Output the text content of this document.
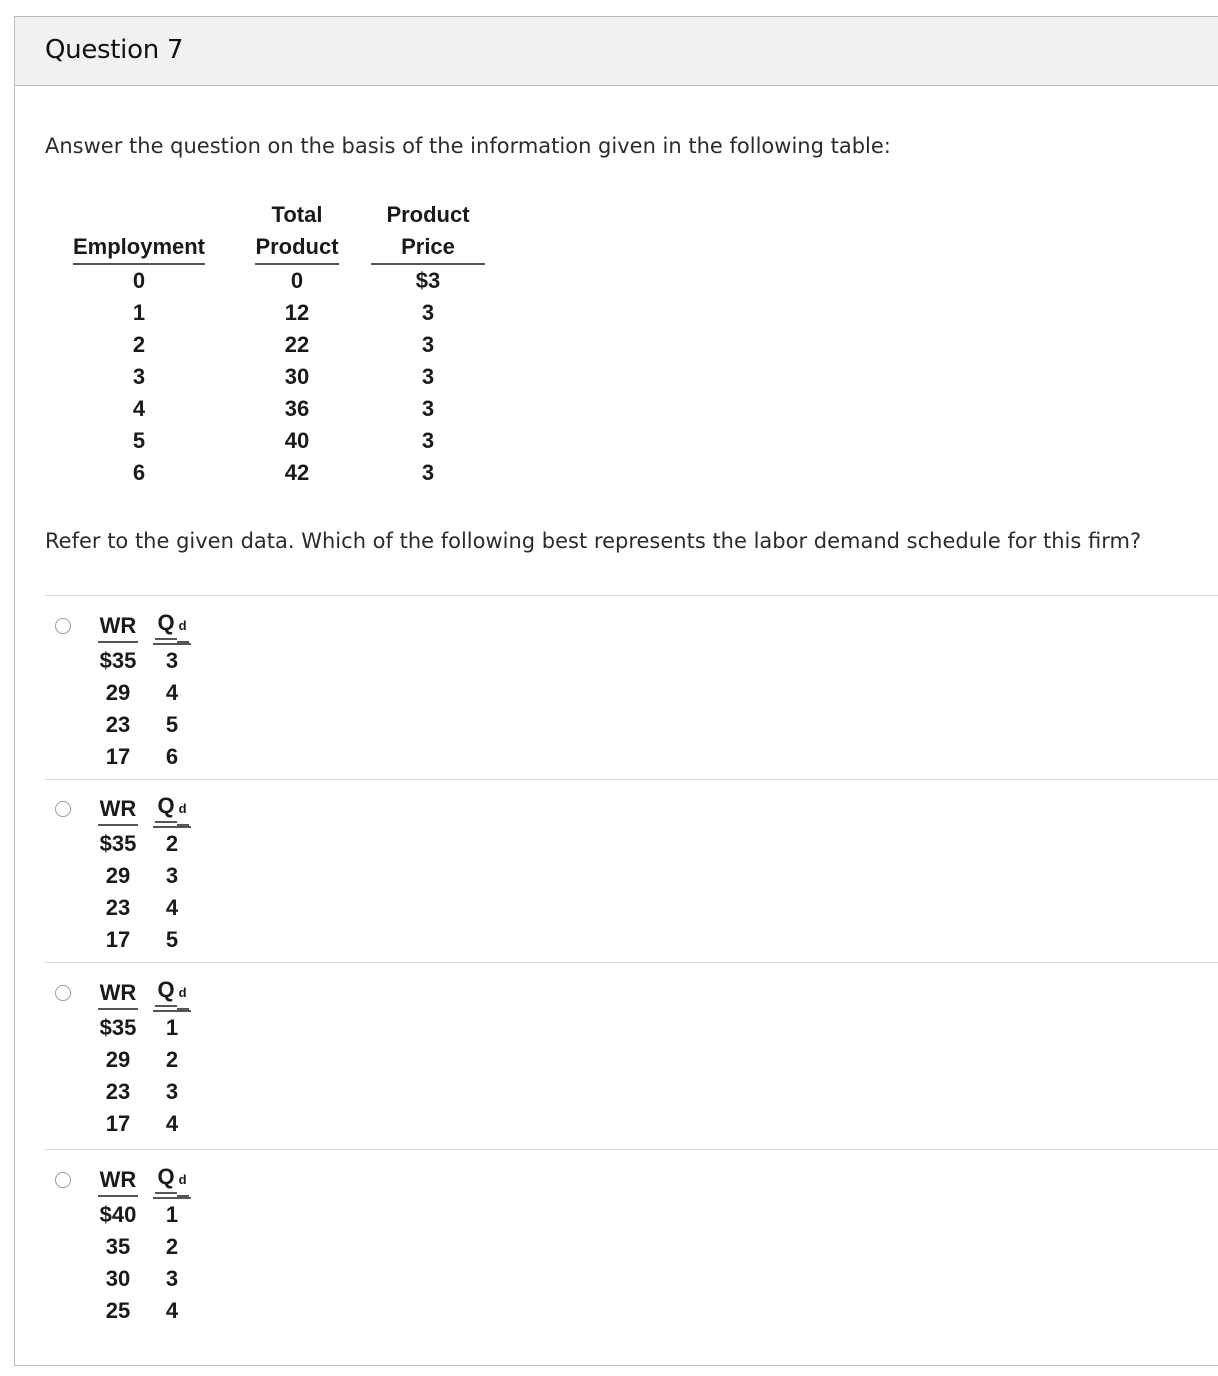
Question 7
Answer the question on the basis of the information given in the following table:
	Total	Product
Employment	Product	Price
0	0	$3
1	12	3
2	22	3
3	30	3
4	36	3
5	40	3
6	42	3
Refer to the given data. Which of the following best represents the labor demand schedule for this firm?
WR	Q d
$35	3
29	4
23	5
17	6
WR	Q d
$35	2
29	3
23	4
17	5
WR	Q d
$35	1
29	2
23	3
17	4
WR	Q d
$40	1
35	2
30	3
25	4
